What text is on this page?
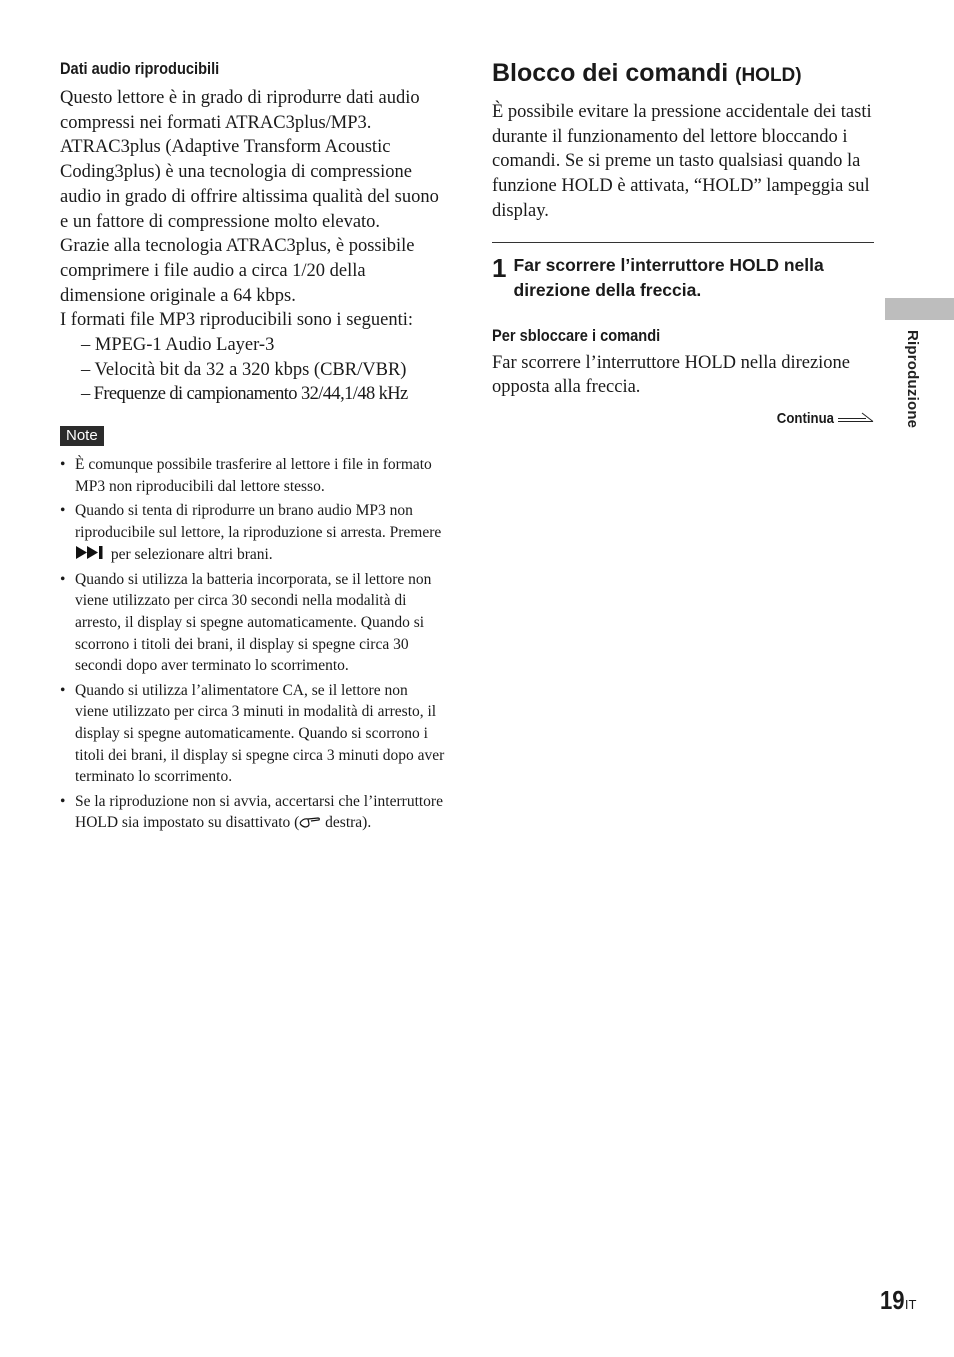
Dati audio riproducibili

Questo lettore è in grado di riprodurre dati audio compressi nei formati ATRAC3plus/MP3. ATRAC3plus (Adaptive Transform Acoustic Coding3plus) è una tecnologia di compressione audio in grado di offrire altissima qualità del suono e un fattore di compressione molto elevato.

Grazie alla tecnologia ATRAC3plus, è possibile comprimere i file audio a circa 1/20 della dimensione originale a 64 kbps.

I formati file MP3 riproducibili sono i seguenti:

– MPEG-1 Audio Layer-3
– Velocità bit da 32 a 320 kbps (CBR/VBR)
– Frequenze di campionamento 32/44,1/48 kHz
Note
• È comunque possibile trasferire al lettore i file in formato MP3 non riproducibili dal lettore stesso.
• Quando si tenta di riprodurre un brano audio MP3 non riproducibile sul lettore, la riproduzione si arresta. Premere  per selezionare altri brani.
• Quando si utilizza la batteria incorporata, se il lettore non viene utilizzato per circa 30 secondi nella modalità di arresto, il display si spegne automaticamente. Quando si scorrono i titoli dei brani, il display si spegne circa 30 secondi dopo aver terminato lo scorrimento.
• Quando si utilizza l’alimentatore CA, se il lettore non viene utilizzato per circa 3 minuti in modalità di arresto, il display si spegne automaticamente. Quando si scorrono i titoli dei brani, il display si spegne circa 3 minuti dopo aver terminato lo scorrimento.
• Se la riproduzione non si avvia, accertarsi che l’interruttore HOLD sia impostato su disattivato ( destra).
Blocco dei comandi (HOLD)

È possibile evitare la pressione accidentale dei tasti durante il funzionamento del lettore bloccando i comandi. Se si preme un tasto qualsiasi quando la funzione HOLD è attivata, “HOLD” lampeggia sul display.

1 Far scorrere l’interruttore HOLD nella direzione della freccia.
Per sbloccare i comandi

Far scorrere l’interruttore HOLD nella direzione opposta alla freccia.

Continua	Riproduzione
19IT
